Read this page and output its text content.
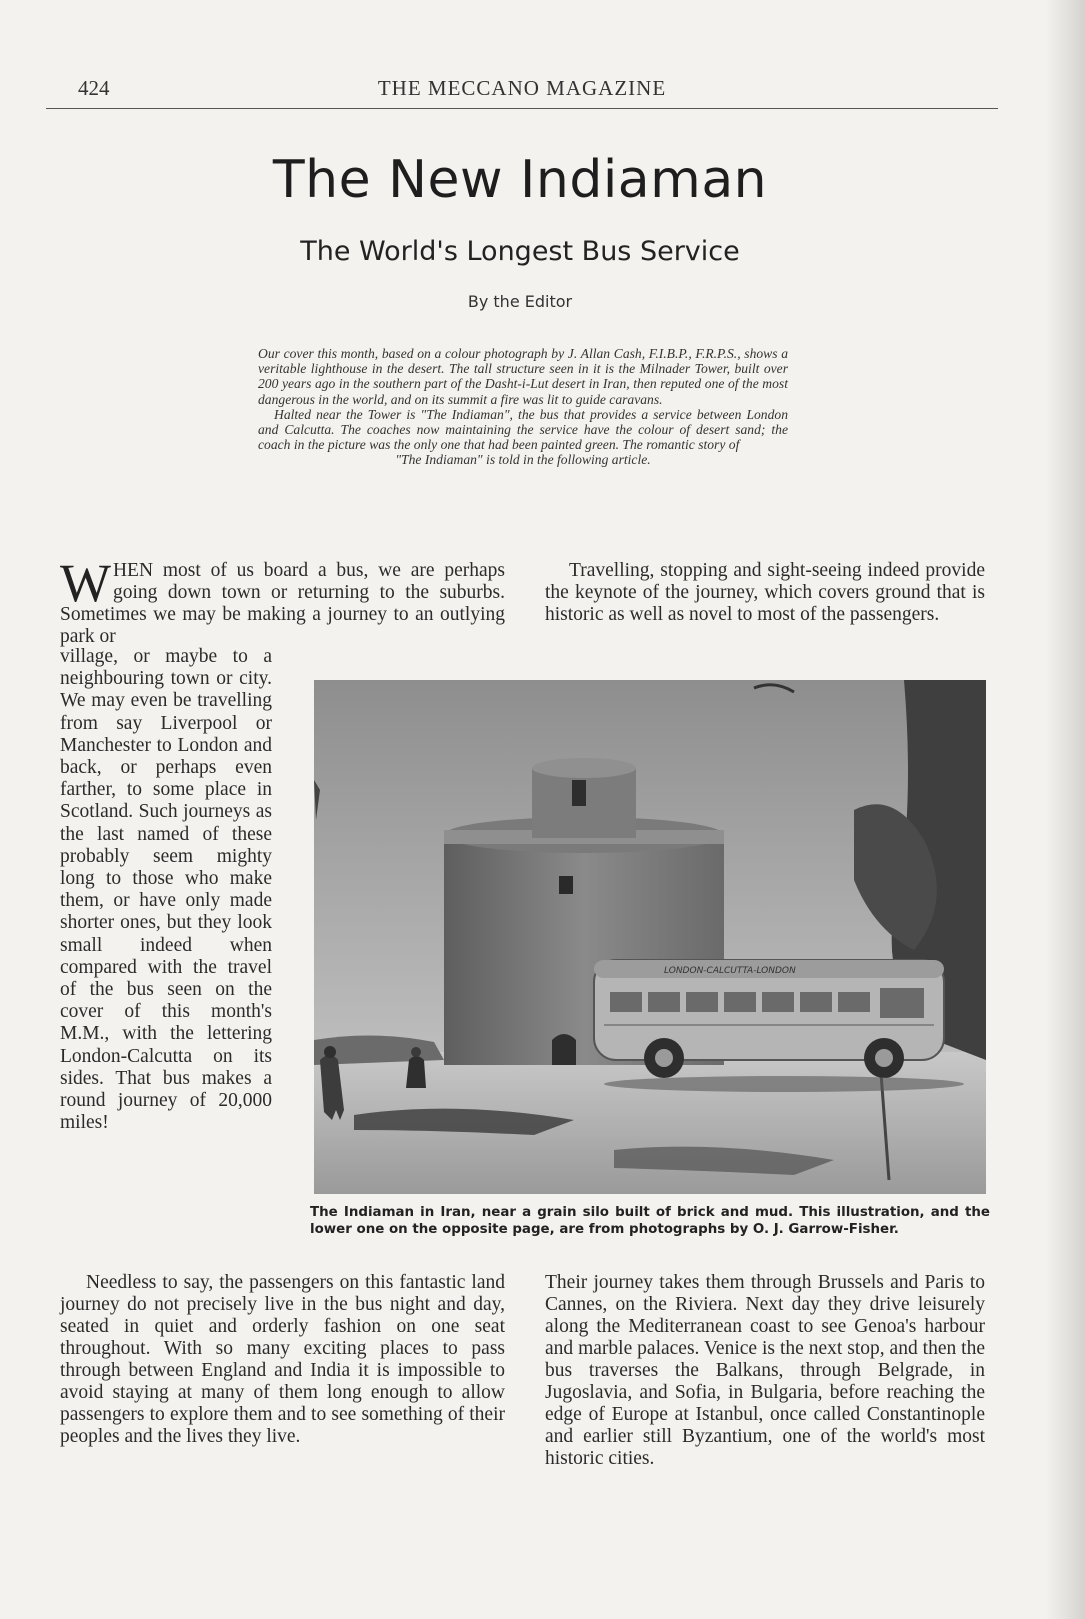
424	THE MECCANO MAGAZINE
The New Indiaman
The World's Longest Bus Service
By the Editor

Our cover this month, based on a colour photograph by J. Allan Cash, F.I.B.P., F.R.P.S., shows a veritable lighthouse in the desert. The tall structure seen in it is the Milnader Tower, built over 200 years ago in the southern part of the Dasht-i-Lut desert in Iran, then reputed one of the most dangerous in the world, and on its summit a fire was lit to guide caravans.

Halted near the Tower is "The Indiaman", the bus that provides a service between London and Calcutta. The coaches now maintaining the service have the colour of desert sand; the coach in the picture was the only one that had been painted green. The romantic story of

"The Indiaman" is told in the following article.

W HEN most of us board a bus, we are perhaps going down town or returning to the suburbs. Sometimes we may be making a journey to an outlying park or

village, or maybe to a neighbouring town or city. We may even be travelling from say Liverpool or Manchester to London and back, or perhaps even farther, to some place in Scotland. Such journeys as the last named of these probably seem mighty long to those who make them, or have only made shorter ones, but they look small indeed when compared with the travel of the bus seen on the cover of this month's M.M., with the lettering London-Calcutta on its sides. That bus makes a round journey of 20,000 miles!

Travelling, stopping and sight-seeing indeed provide the keynote of the journey, which covers ground that is historic as well as novel to most of the passengers.

LONDON-CALCUTTA-LONDON
The Indiaman in Iran, near a grain silo built of brick and mud. This illustration, and the lower one on the opposite page, are from photographs by O. J. Garrow-Fisher.

Needless to say, the passengers on this fantastic land journey do not precisely live in the bus night and day, seated in quiet and orderly fashion on one seat throughout. With so many exciting places to pass through between England and India it is impossible to avoid staying at many of them long enough to allow passengers to explore them and to see something of their peoples and the lives they live.

Their journey takes them through Brussels and Paris to Cannes, on the Riviera. Next day they drive leisurely along the Mediterranean coast to see Genoa's harbour and marble palaces. Venice is the next stop, and then the bus traverses the Balkans, through Belgrade, in Jugoslavia, and Sofia, in Bulgaria, before reaching the edge of Europe at Istanbul, once called Constantinople and earlier still Byzantium, one of the world's most historic cities.
